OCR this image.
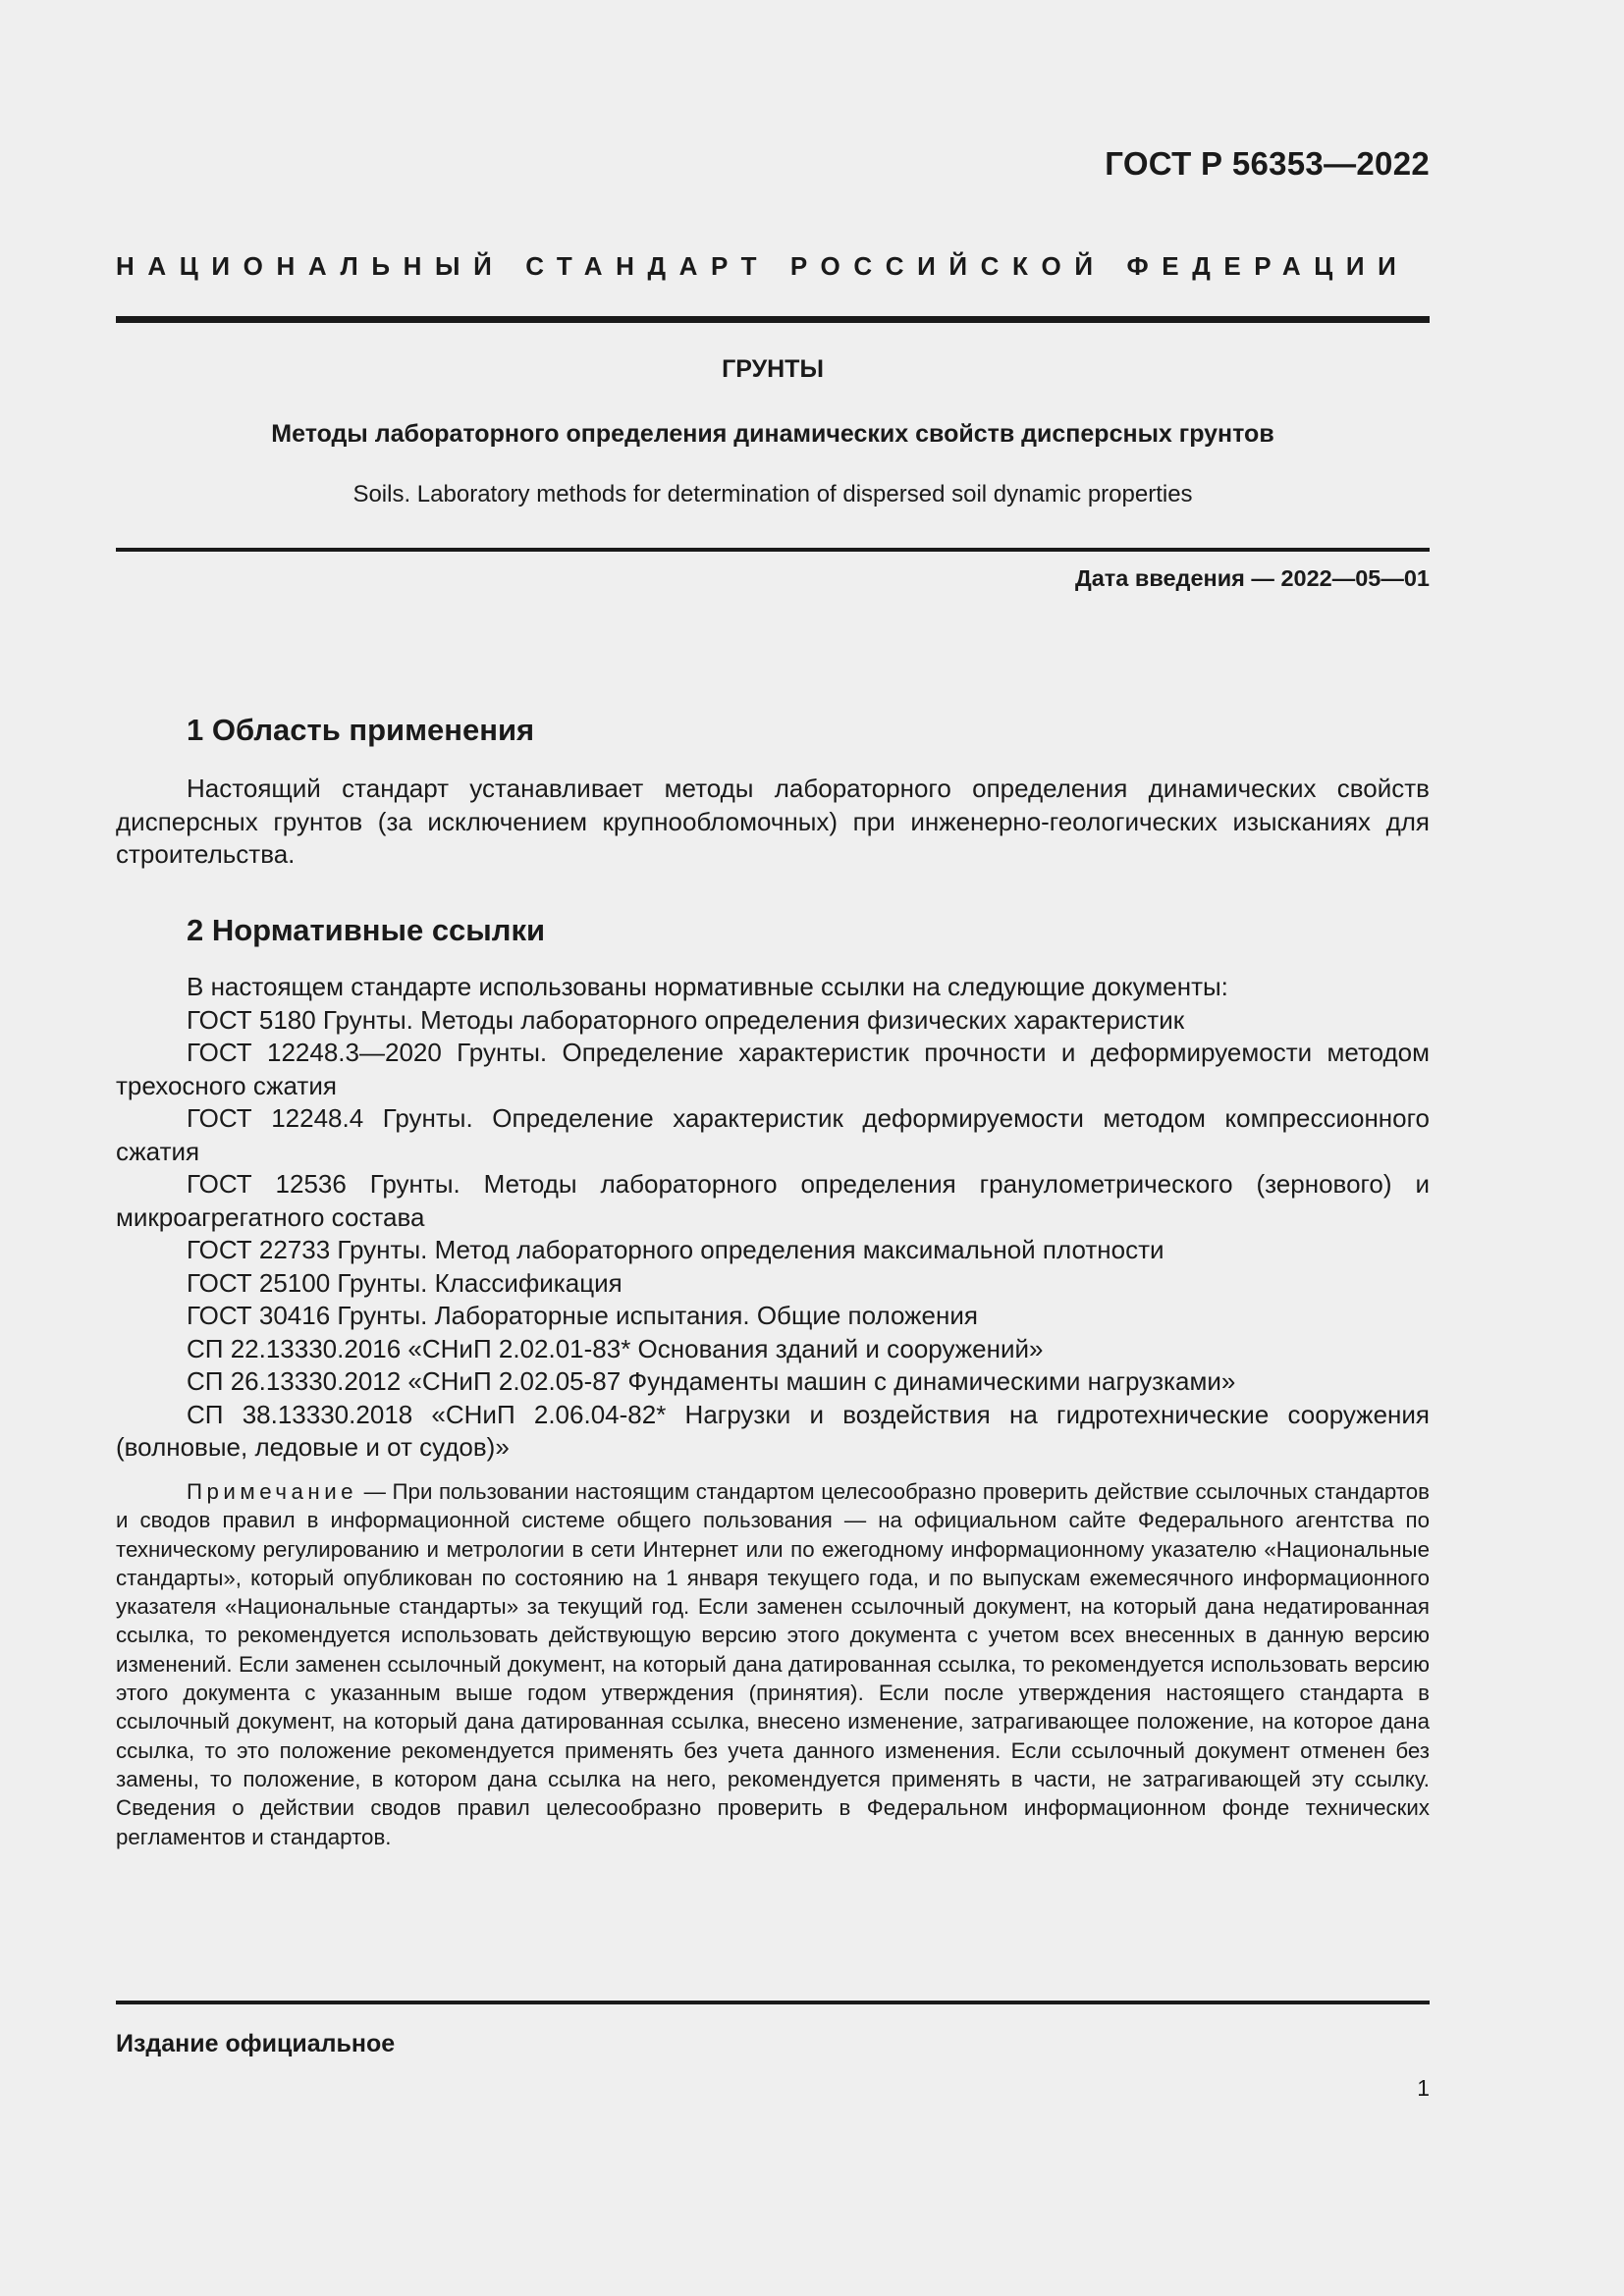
ГОСТ Р 56353—2022
НАЦИОНАЛЬНЫЙ СТАНДАРТ РОССИЙСКОЙ ФЕДЕРАЦИИ
ГРУНТЫ
Методы лабораторного определения динамических свойств дисперсных грунтов
Soils. Laboratory methods for determination of dispersed soil dynamic properties
Дата введения — 2022—05—01
1 Область применения
Настоящий стандарт устанавливает методы лабораторного определения динамических свойств дисперсных грунтов (за исключением крупнообломочных) при инженерно-геологических изысканиях для строительства.
2 Нормативные ссылки
В настоящем стандарте использованы нормативные ссылки на следующие документы:
ГОСТ 5180 Грунты. Методы лабораторного определения физических характеристик
ГОСТ 12248.3—2020 Грунты. Определение характеристик прочности и деформируемости методом трехосного сжатия
ГОСТ 12248.4 Грунты. Определение характеристик деформируемости методом компрессионного сжатия
ГОСТ 12536 Грунты. Методы лабораторного определения гранулометрического (зернового) и микроагрегатного состава
ГОСТ 22733 Грунты. Метод лабораторного определения максимальной плотности
ГОСТ 25100 Грунты. Классификация
ГОСТ 30416 Грунты. Лабораторные испытания. Общие положения
СП 22.13330.2016 «СНиП 2.02.01-83* Основания зданий и сооружений»
СП 26.13330.2012 «СНиП 2.02.05-87 Фундаменты машин с динамическими нагрузками»
СП 38.13330.2018 «СНиП 2.06.04-82* Нагрузки и воздействия на гидротехнические сооружения (волновые, ледовые и от судов)»
Примечание — При пользовании настоящим стандартом целесообразно проверить действие ссылочных стандартов и сводов правил в информационной системе общего пользования — на официальном сайте Федерального агентства по техническому регулированию и метрологии в сети Интернет или по ежегодному информационному указателю «Национальные стандарты», который опубликован по состоянию на 1 января текущего года, и по выпускам ежемесячного информационного указателя «Национальные стандарты» за текущий год. Если заменен ссылочный документ, на который дана недатированная ссылка, то рекомендуется использовать действующую версию этого документа с учетом всех внесенных в данную версию изменений. Если заменен ссылочный документ, на который дана датированная ссылка, то рекомендуется использовать версию этого документа с указанным выше годом утверждения (принятия). Если после утверждения настоящего стандарта в ссылочный документ, на который дана датированная ссылка, внесено изменение, затрагивающее положение, на которое дана ссылка, то это положение рекомендуется применять без учета данного изменения. Если ссылочный документ отменен без замены, то положение, в котором дана ссылка на него, рекомендуется применять в части, не затрагивающей эту ссылку. Сведения о действии сводов правил целесообразно проверить в Федеральном информационном фонде технических регламентов и стандартов.
Издание официальное
1
